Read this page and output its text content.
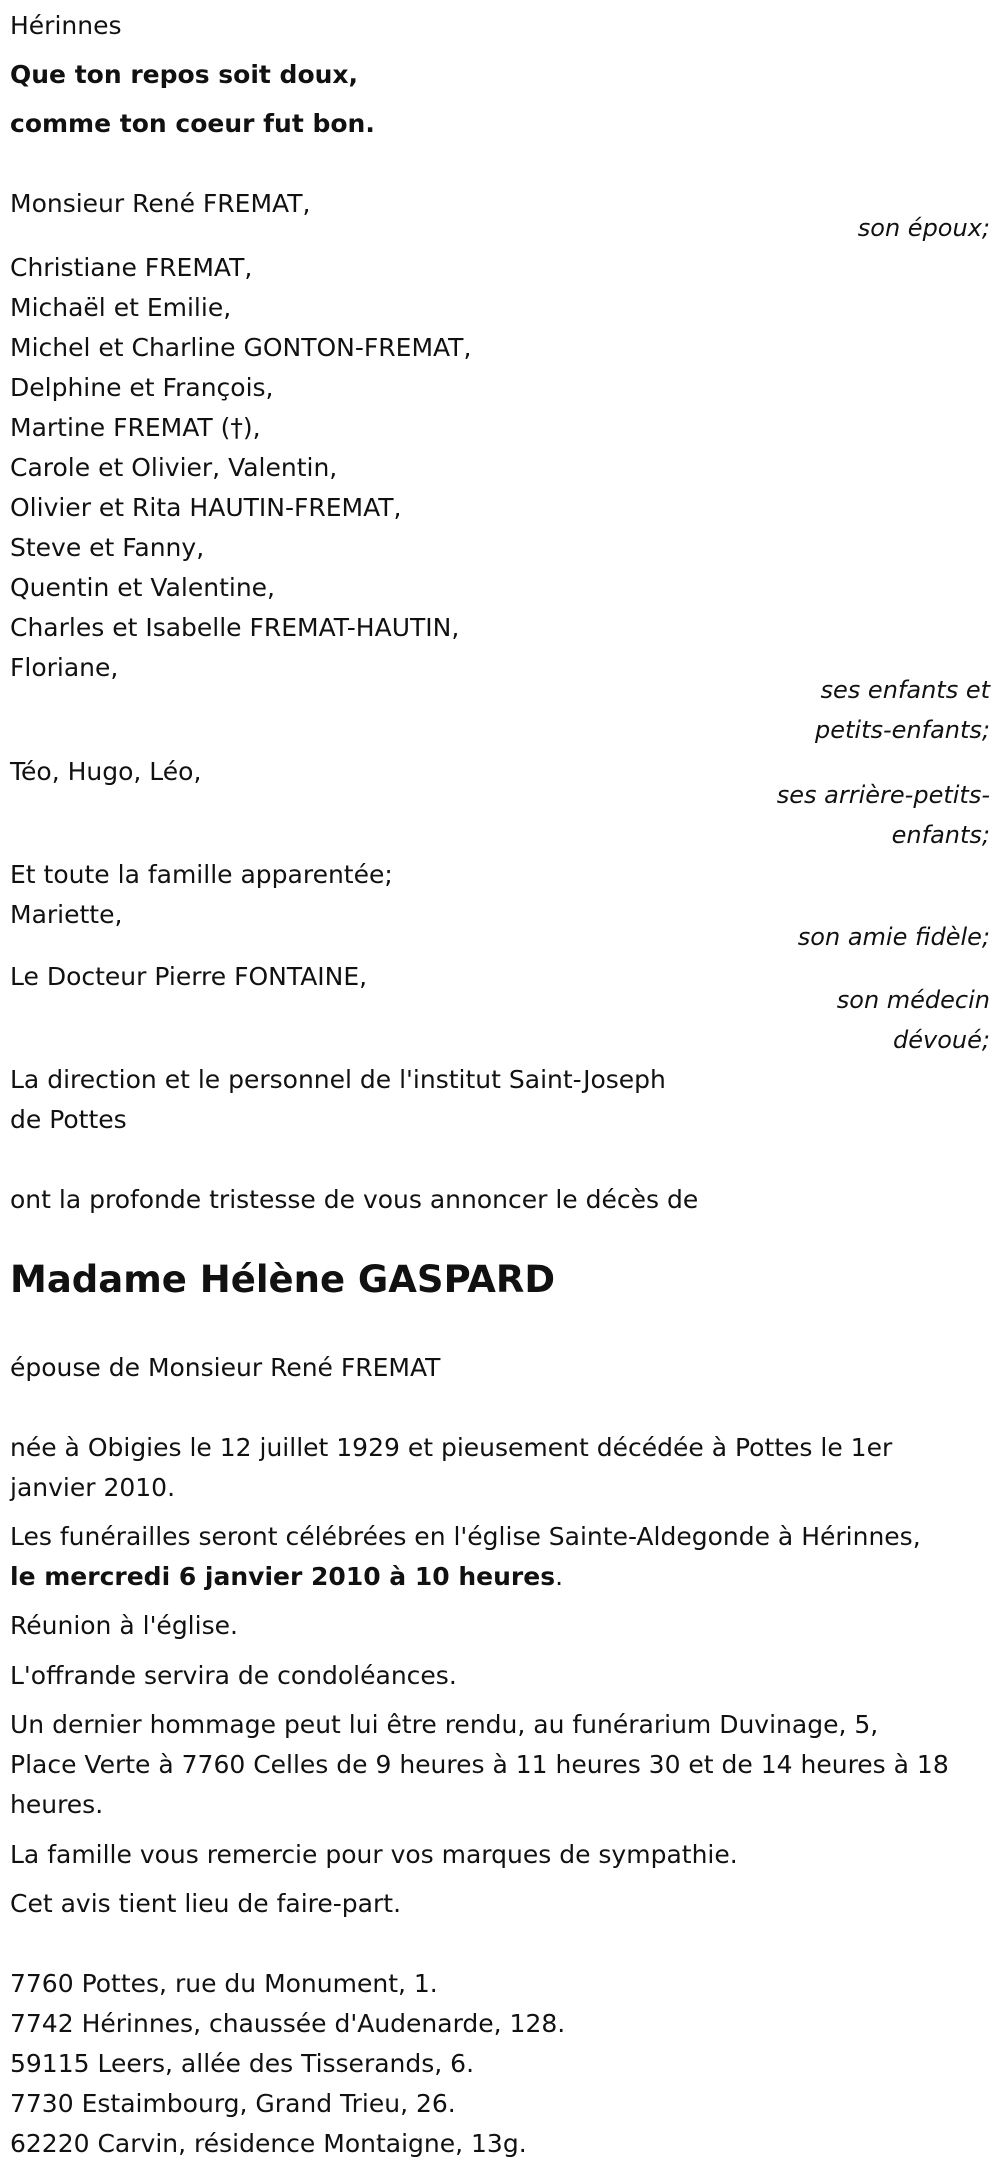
Hérinnes
Que ton repos soit doux,
comme ton coeur fut bon.
Monsieur René FREMAT,
son époux;
Christiane FREMAT,
Michaël et Emilie,
Michel et Charline GONTON-FREMAT,
Delphine et François,
Martine FREMAT (†),
Carole et Olivier, Valentin,
Olivier et Rita HAUTIN-FREMAT,
Steve et Fanny,
Quentin et Valentine,
Charles et Isabelle FREMAT-HAUTIN,
Floriane,
ses enfants et
petits-enfants;
Téo, Hugo, Léo,
ses arrière-petits-
enfants;
Et toute la famille apparentée;
Mariette,
son amie fidèle;
Le Docteur Pierre FONTAINE,
son médecin
dévoué;
La direction et le personnel de l'institut Saint-Joseph
de Pottes
ont la profonde tristesse de vous annoncer le décès de
Madame Hélène GASPARD
épouse de Monsieur René FREMAT
née à Obigies le 12 juillet 1929 et pieusement décédée à Pottes le 1er
janvier 2010.
Les funérailles seront célébrées en l'église Sainte-Aldegonde à Hérinnes,
le mercredi 6 janvier 2010 à 10 heures.
Réunion à l'église.
L'offrande servira de condoléances.
Un dernier hommage peut lui être rendu, au funérarium Duvinage, 5,
Place Verte à 7760 Celles de 9 heures à 11 heures 30 et de 14 heures à 18
heures.
La famille vous remercie pour vos marques de sympathie.
Cet avis tient lieu de faire-part.
7760 Pottes, rue du Monument, 1.
7742 Hérinnes, chaussée d'Audenarde, 128.
59115 Leers, allée des Tisserands, 6.
7730 Estaimbourg, Grand Trieu, 26.
62220 Carvin, résidence Montaigne, 13g.
